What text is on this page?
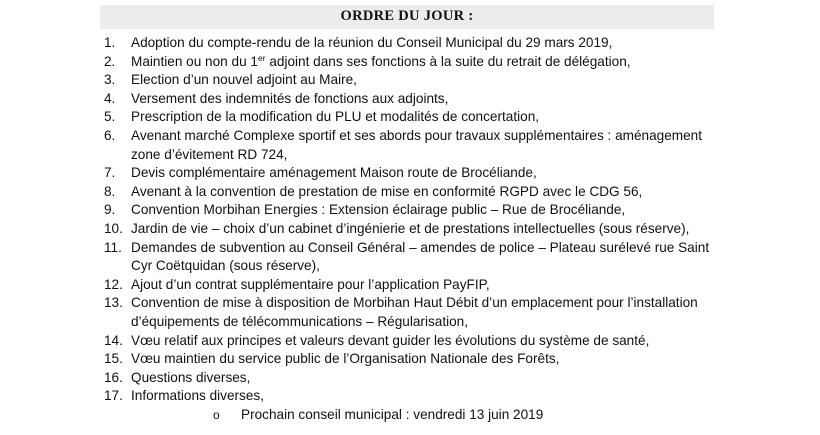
ORDRE DU JOUR :
1. Adoption du compte-rendu de la réunion du Conseil Municipal du 29 mars 2019,
2. Maintien ou non du 1er adjoint dans ses fonctions à la suite du retrait de délégation,
3. Election d’un nouvel adjoint au Maire,
4. Versement des indemnités de fonctions aux adjoints,
5. Prescription de la modification du PLU et modalités de concertation,
6. Avenant marché Complexe sportif et ses abords pour travaux supplémentaires : aménagement zone d’évitement RD 724,
7. Devis complémentaire aménagement Maison route de Brocéliande,
8. Avenant à la convention de prestation de mise en conformité RGPD avec le CDG 56,
9. Convention Morbihan Energies : Extension éclairage public – Rue de Brocéliande,
10. Jardin de vie – choix d’un cabinet d’ingénierie et de prestations intellectuelles (sous réserve),
11. Demandes de subvention au Conseil Général – amendes de police – Plateau surélevé rue Saint Cyr Coëtquidan (sous réserve),
12. Ajout d’un contrat supplémentaire pour l’application PayFIP,
13. Convention de mise à disposition de Morbihan Haut Débit d’un emplacement pour l’installation d’équipements de télécommunications – Régularisation,
14. Vœu relatif aux principes et valeurs devant guider les évolutions du système de santé,
15. Vœu maintien du service public de l’Organisation Nationale des Forêts,
16. Questions diverses,
17. Informations diverses,
o Prochain conseil municipal : vendredi 13 juin 2019
